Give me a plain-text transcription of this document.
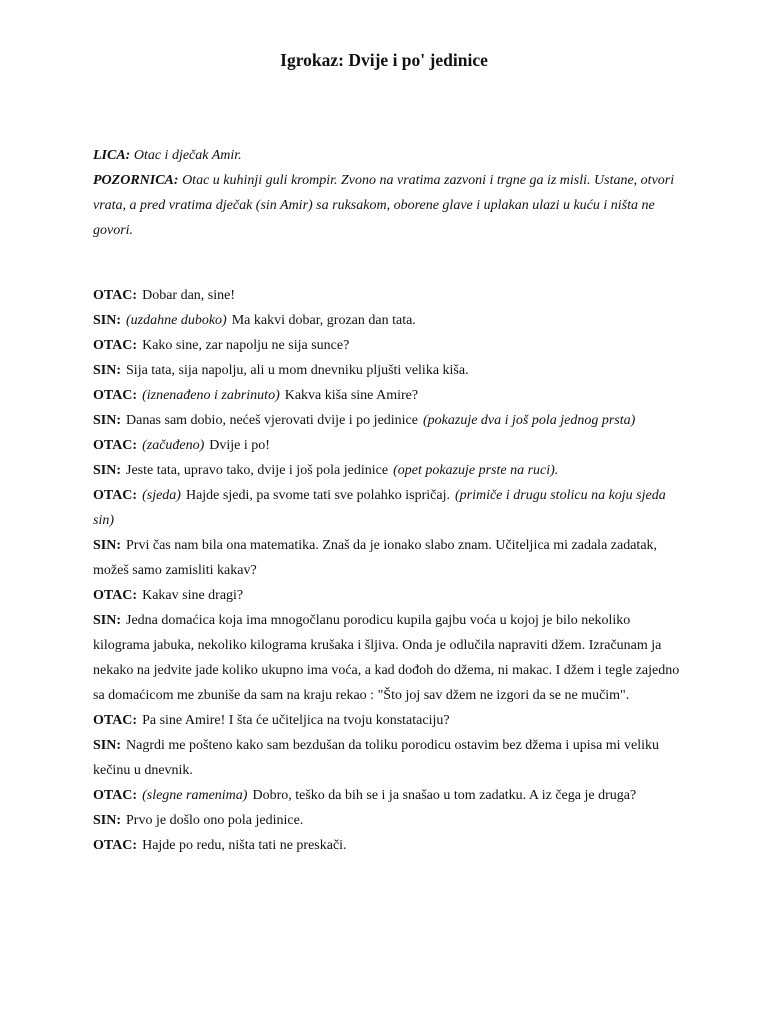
Igrokaz: Dvije i po' jedinice

LICA: Otac i dječak Amir.

POZORNICA: Otac u kuhinji guli krompir. Zvono na vratima zazvoni i trgne ga iz misli. Ustane, otvori vrata, a pred vratima dječak (sin Amir) sa ruksakom, oborene glave i uplakan ulazi u kuću i ništa ne govori.

OTAC: Dobar dan, sine!

SIN: (uzdahne duboko) Ma kakvi dobar, grozan dan tata.

OTAC: Kako sine, zar napolju ne sija sunce?

SIN: Sija tata, sija napolju, ali u mom dnevniku pljušti velika kiša.

OTAC: (iznenađeno i zabrinuto) Kakva kiša sine Amire?

SIN: Danas sam dobio, nećeš vjerovati dvije i po jedinice (pokazuje dva i još pola jednog prsta)

OTAC: (začuđeno) Dvije i po!

SIN: Jeste tata, upravo tako, dvije i još pola jedinice (opet pokazuje prste na ruci).

OTAC: (sjeda) Hajde sjedi, pa svome tati sve polahko ispričaj. (primiče i drugu stolicu na koju sjeda sin)

SIN: Prvi čas nam bila ona matematika. Znaš da je ionako slabo znam. Učiteljica mi zadala zadatak, možeš samo zamisliti kakav?

OTAC: Kakav sine dragi?

SIN: Jedna domaćica koja ima mnogočlanu porodicu kupila gajbu voća u kojoj je bilo nekoliko kilograma jabuka, nekoliko kilograma krušaka i šljiva. Onda je odlučila napraviti džem. Izračunam ja nekako na jedvite jade koliko ukupno ima voća, a kad dođoh do džema, ni makac. I džem i tegle zajedno sa domaćicom me zbuniše da sam na kraju rekao : "Što joj sav džem ne izgori da se ne mučim".

OTAC: Pa sine Amire! I šta će učiteljica na tvoju konstataciju?

SIN: Nagrdi me pošteno kako sam bezdušan da toliku porodicu ostavim bez džema i upisa mi veliku kečinu u dnevnik.

OTAC: (slegne ramenima) Dobro, teško da bih se i ja snašao u tom zadatku. A iz čega je druga?

SIN: Prvo je došlo ono pola jedinice.

OTAC: Hajde po redu, ništa tati ne preskači.
